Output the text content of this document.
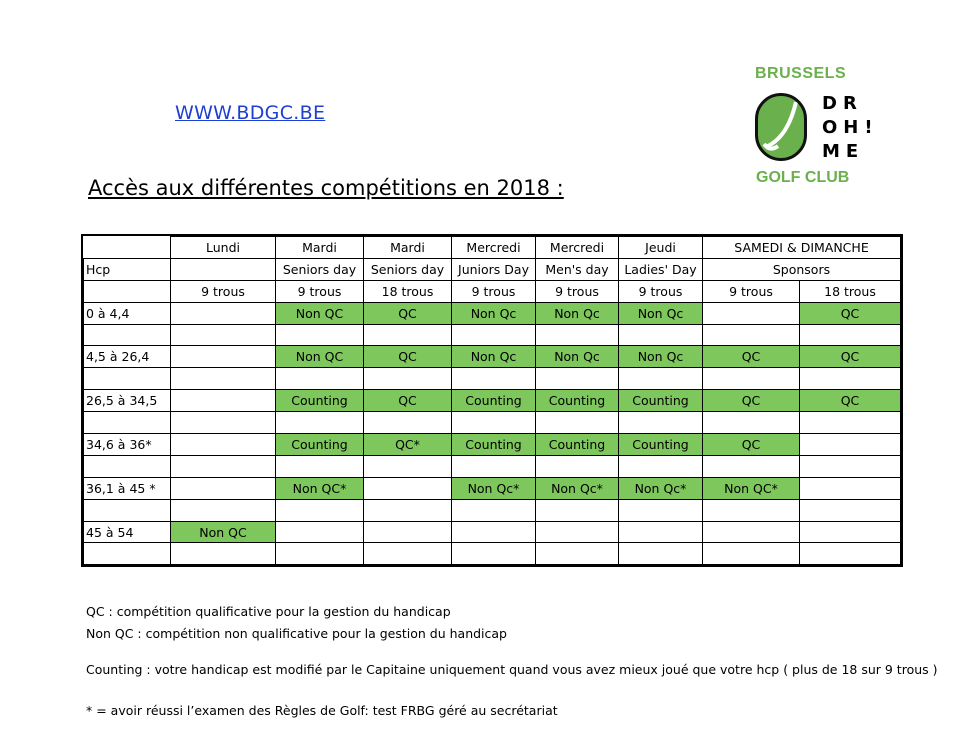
WWW.BDGC.BE
BRUSSELS
DR
OH!
ME
GOLF CLUB
Accès aux différentes compétitions en 2018 :
	Lundi	Mardi	Mardi	Mercredi	Mercredi	Jeudi	SAMEDI & DIMANCHE	
Hcp		Seniors day	Seniors day	Juniors Day	Men's day	Ladies' Day	Sponsors	
	9 trous	9 trous	18 trous	9 trous	9 trous	9 trous	9 trous	18 trous
0 à 4,4		Non QC	QC	Non Qc	Non Qc	Non Qc		QC

4,5 à 26,4		Non QC	QC	Non Qc	Non Qc	Non Qc	QC	QC

26,5 à 34,5		Counting	QC	Counting	Counting	Counting	QC	QC

34,6 à 36*		Counting	QC*	Counting	Counting	Counting	QC	

36,1 à 45 *		Non QC*		Non Qc*	Non Qc*	Non Qc*	Non QC*	

45 à 54	Non QC							

QC : compétition qualificative pour la gestion du handicap
Non QC : compétition non qualificative pour la gestion du handicap
Counting : votre handicap est modifié par le Capitaine uniquement quand vous avez mieux joué que votre hcp ( plus de 18 sur 9 trous )
* = avoir réussi l’examen des Règles de Golf: test FRBG géré au secrétariat
